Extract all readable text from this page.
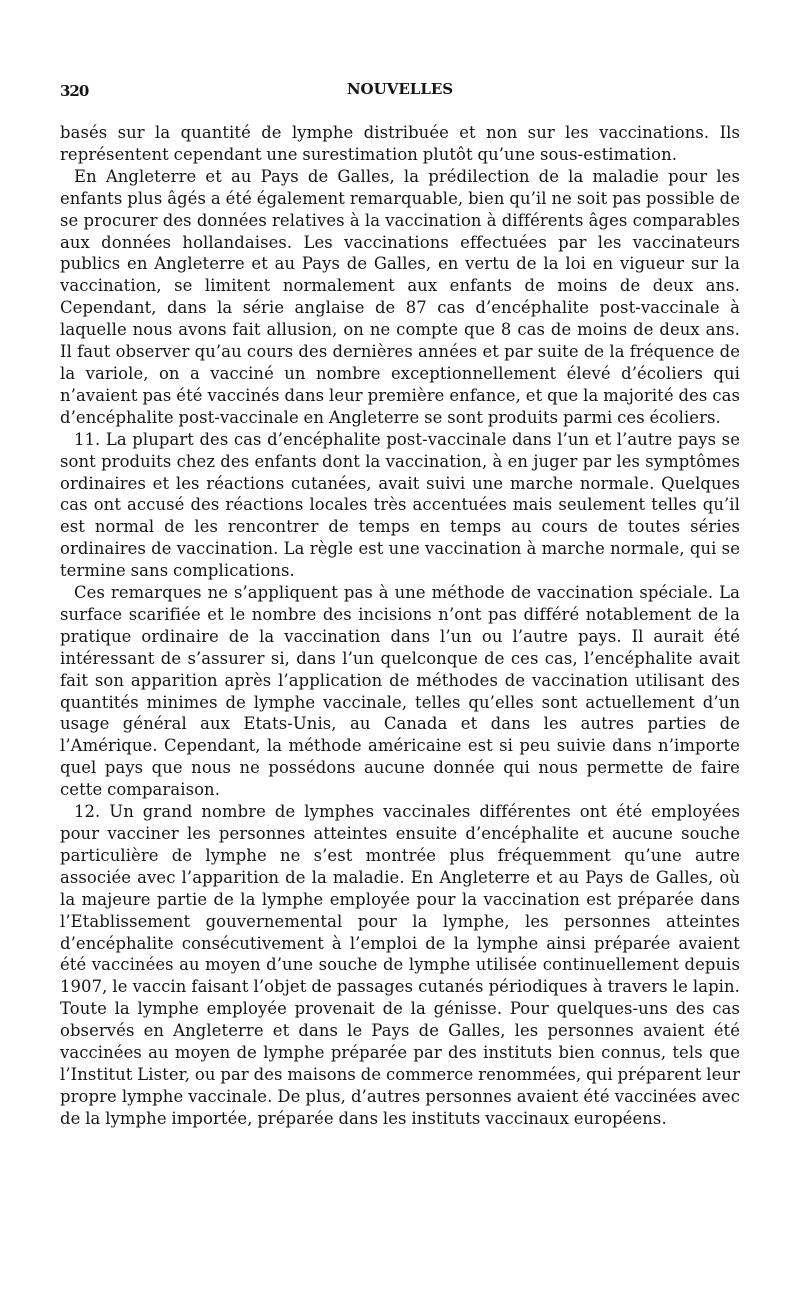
320	NOUVELLES

basés sur la quantité de lymphe distribuée et non sur les vaccinations. Ils représentent cependant une surestimation plutôt qu’une sous-estimation.

En Angleterre et au Pays de Galles, la prédilection de la maladie pour les enfants plus âgés a été également remarquable, bien qu’il ne soit pas possible de se procurer des données relatives à la vaccination à différents âges comparables aux données hollandaises. Les vaccinations effectuées par les vaccinateurs publics en Angleterre et au Pays de Galles, en vertu de la loi en vigueur sur la vaccination, se limitent normalement aux enfants de moins de deux ans. Cependant, dans la série anglaise de 87 cas d’encéphalite post-vaccinale à laquelle nous avons fait allusion, on ne compte que 8 cas de moins de deux ans. Il faut observer qu’au cours des dernières années et par suite de la fréquence de la variole, on a vacciné un nombre exceptionnellement élevé d’écoliers qui n’avaient pas été vaccinés dans leur première enfance, et que la majorité des cas d’encéphalite post-vaccinale en Angleterre se sont produits parmi ces écoliers.

11. La plupart des cas d’encéphalite post-vaccinale dans l’un et l’autre pays se sont produits chez des enfants dont la vaccination, à en juger par les symptômes ordinaires et les réactions cutanées, avait suivi une marche normale. Quelques cas ont accusé des réactions locales très accentuées mais seulement telles qu’il est normal de les rencontrer de temps en temps au cours de toutes séries ordinaires de vaccination. La règle est une vaccination à marche normale, qui se termine sans complications.

Ces remarques ne s’appliquent pas à une méthode de vaccination spéciale. La surface scarifiée et le nombre des incisions n’ont pas différé notablement de la pratique ordinaire de la vaccination dans l’un ou l’autre pays. Il aurait été intéressant de s’assurer si, dans l’un quelconque de ces cas, l’encéphalite avait fait son apparition après l’application de méthodes de vaccination utilisant des quantités minimes de lymphe vaccinale, telles qu’elles sont actuellement d’un usage général aux Etats-Unis, au Canada et dans les autres parties de l’Amérique. Cependant, la méthode américaine est si peu suivie dans n’importe quel pays que nous ne possédons aucune donnée qui nous permette de faire cette comparaison.

12. Un grand nombre de lymphes vaccinales différentes ont été employées pour vacciner les personnes atteintes ensuite d’encéphalite et aucune souche particulière de lymphe ne s’est montrée plus fréquemment qu’une autre associée avec l’apparition de la maladie. En Angleterre et au Pays de Galles, où la majeure partie de la lymphe employée pour la vaccination est préparée dans l’Etablissement gouvernemental pour la lymphe, les personnes atteintes d’encéphalite consécutivement à l’emploi de la lymphe ainsi préparée avaient été vaccinées au moyen d’une souche de lymphe utilisée continuellement depuis 1907, le vaccin faisant l’objet de passages cutanés périodiques à travers le lapin. Toute la lymphe employée provenait de la génisse. Pour quelques-uns des cas observés en Angleterre et dans le Pays de Galles, les personnes avaient été vaccinées au moyen de lymphe préparée par des instituts bien connus, tels que l’Institut Lister, ou par des maisons de commerce renommées, qui préparent leur propre lymphe vaccinale. De plus, d’autres personnes avaient été vaccinées avec de la lymphe importée, préparée dans les instituts vaccinaux européens.
